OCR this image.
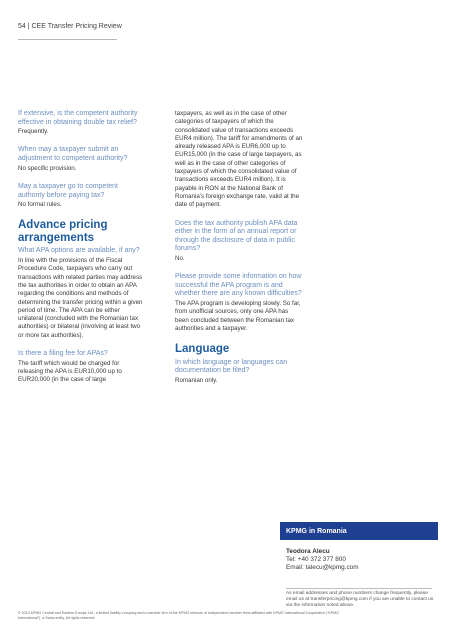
54 | CEE Transfer Pricing Review
If extensive, is the competent authority effective in obtaining double tax relief?
Frequently.
When may a taxpayer submit an adjustment to competent authority?
No specific provision.
May a taxpayer go to competent authority before paying tax?
No formal rules.
Advance pricing arrangements
What APA options are available, if any?
In line with the provisions of the Fiscal Procedure Code, taxpayers who carry out transactions with related parties may address the tax authorities in order to obtain an APA regarding the conditions and methods of determining the transfer pricing within a given period of time. The APA can be either unilateral (concluded with the Romanian tax authorities) or bilateral (involving at least two or more tax authorities).
Is there a filing fee for APAs?
The tariff which would be charged for releasing the APA is EUR10,000 up to EUR20,000 (in the case of large
taxpayers, as well as in the case of other categories of taxpayers of which the consolidated value of transactions exceeds EUR4 million). The tariff for amendments of an already released APA is EUR6,000 up to EUR15,000 (in the case of large taxpayers, as well as in the case of other categories of taxpayers of which the consolidated value of transactions exceeds EUR4 million). It is payable in RON at the National Bank of Romania’s foreign exchange rate, valid at the date of payment.
Does the tax authority publish APA data either in the form of an annual report or through the disclosure of data in public forums?
No.
Please provide some information on how successful the APA program is and whether there are any known difficulties?
The APA program is developing slowly. So far, from unofficial sources, only one APA has been concluded between the Romanian tax authorities and a taxpayer.
Language
In which language or languages can documentation be filed?
Romanian only.
KPMG in Romania
Teodora Alecu
Tel: +40 372 377 800
Email: talecu@kpmg.com
As email addresses and phone numbers change frequently, please email us at transferpricing@kpmg.com if you are unable to contact us via the information noted above.
© 2013 KPMG Central and Eastern Europe Ltd., a limited liability company and a member firm of the KPMG network of independent member firms affiliated with KPMG International Cooperative (“KPMG International”), a Swiss entity. All rights reserved.
